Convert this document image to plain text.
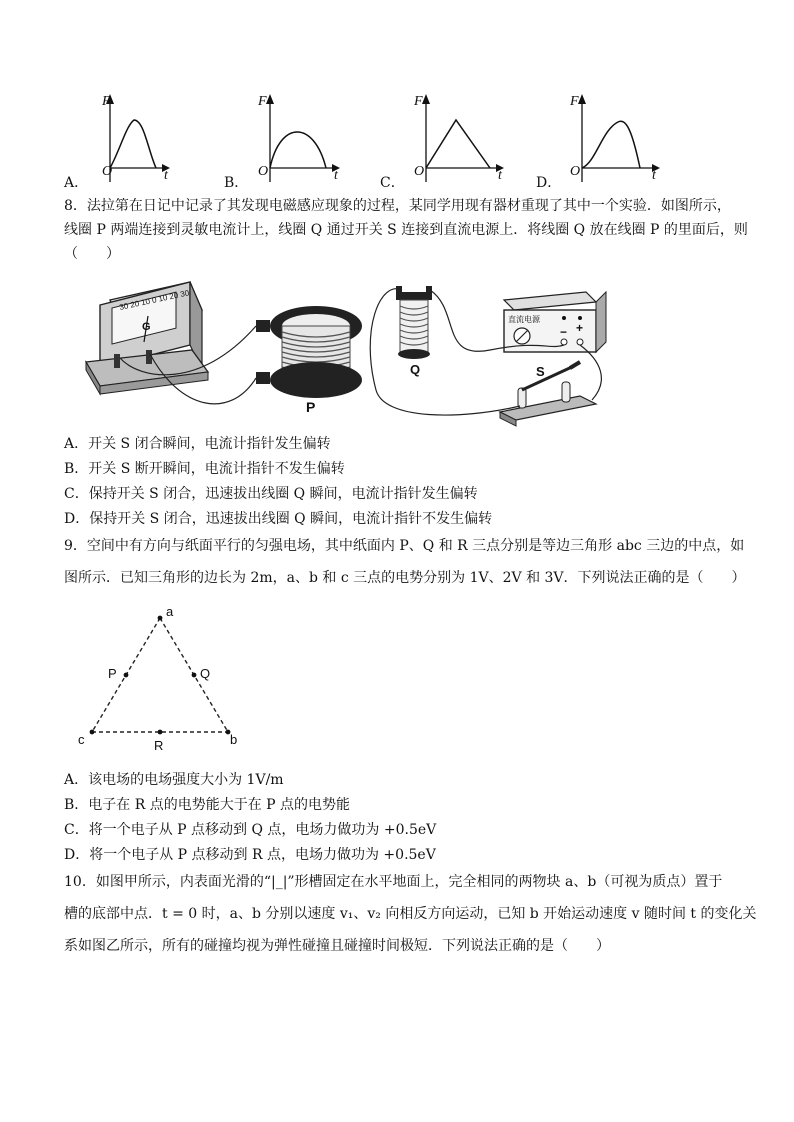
A．
F
O	t	B．
F
O	t	C．
F
O	t D．
F
O	t
8．法拉第在日记中记录了其发现电磁感应现象的过程，某同学用现有器材重现了其中一个实验．如图所示，
线圈 P 两端连接到灵敏电流计上，线圈 Q 通过开关 S 连接到直流电源上．将线圈 Q 放在线圈 P 的里面后，则
（　　）
30 20 10 0 10 20 30
G
P
Q
直流电源
− +
S
A．开关 S 闭合瞬间，电流计指针发生偏转
B．开关 S 断开瞬间，电流计指针不发生偏转
C．保持开关 S 闭合，迅速拔出线圈 Q 瞬间，电流计指针发生偏转
D．保持开关 S 闭合，迅速拔出线圈 Q 瞬间，电流计指针不发生偏转
9．空间中有方向与纸面平行的匀强电场，其中纸面内 P、Q 和 R 三点分别是等边三角形 abc 三边的中点，如
图所示．已知三角形的边长为 2m，a、b 和 c 三点的电势分别为 1V、2V 和 3V．下列说法正确的是（　　）
a
c	b
P	Q
R
A．该电场的电场强度大小为 1V/m
B．电子在 R 点的电势能大于在 P 点的电势能
C．将一个电子从 P 点移动到 Q 点，电场力做功为 +0.5eV
D．将一个电子从 P 点移动到 R 点，电场力做功为 +0.5eV
10．如图甲所示，内表面光滑的“|_|”形槽固定在水平地面上，完全相同的两物块 a、b（可视为质点）置于
槽的底部中点．t = 0 时，a、b 分别以速度 v₁、v₂ 向相反方向运动，已知 b 开始运动速度 v 随时间 t 的变化关
系如图乙所示，所有的碰撞均视为弹性碰撞且碰撞时间极短．下列说法正确的是（　　）
